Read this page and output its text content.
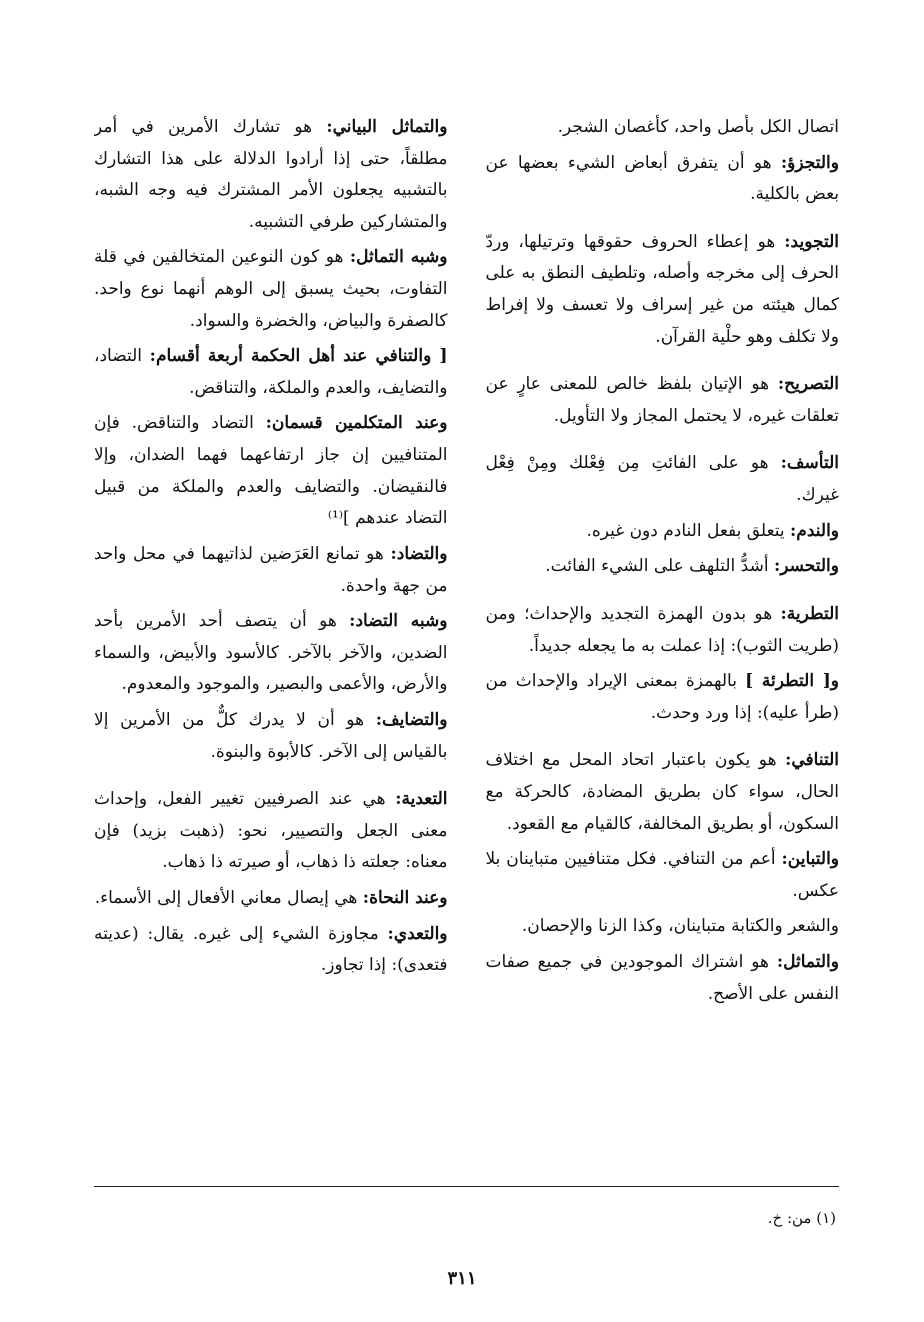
اتصال الكل بأصل واحد، كأغصان الشجر.

والتجزؤ: هو أن يتفرق أبعاض الشيء بعضها عن بعض بالكلية.

التجويد: هو إعطاء الحروف حقوقها وترتيلها، وردّ الحرف إلى مخرجه وأصله، وتلطيف النطق به على كمال هيئته من غير إسراف ولا تعسف ولا إفراط ولا تكلف وهو حلْية القرآن.

التصريح: هو الإتيان بلفظ خالص للمعنى عارٍ عن تعلقات غيره، لا يحتمل المجاز ولا التأويل.

التأسف: هو على الفائتِ مِن فِعْلك ومِنْ فِعْل غيرك.

والندم: يتعلق بفعل النادم دون غيره.

والتحسر: أشدُّ التلهف على الشيء الفائت.

التطرية: هو بدون الهمزة التجديد والإحداث؛ ومن (طريت الثوب): إذا عملت به ما يجعله جديداً.

و[ التطرئة ] بالهمزة بمعنى الإيراد والإحداث من (طرأ عليه): إذا ورد وحدث.

التنافي: هو يكون باعتبار اتحاد المحل مع اختلاف الحال، سواء كان بطريق المضادة، كالحركة مع السكون، أو بطريق المخالفة، كالقيام مع القعود.

والتباين: أعم من التنافي. فكل متنافيين متباينان بلا عكس.

والشعر والكتابة متباينان، وكذا الزنا والإحصان.

والتماثل: هو اشتراك الموجودين في جميع صفات النفس على الأصح.

والتماثل البياني: هو تشارك الأمرين في أمر مطلقاً، حتى إذا أرادوا الدلالة على هذا التشارك بالتشبيه يجعلون الأمر المشترك فيه وجه الشبه، والمتشاركين طرفي التشبيه.

وشبه التماثل: هو كون النوعين المتخالفين في قلة التفاوت، بحيث يسبق إلى الوهم أنهما نوع واحد. كالصفرة والبياض، والخضرة والسواد.

[ والتنافي عند أهل الحكمة أربعة أقسام: التضاد، والتضايف، والعدم والملكة، والتناقض.

وعند المتكلمين قسمان: التضاد والتناقض. فإن المتنافيين إن جاز ارتفاعهما فهما الضدان، وإلا فالنقيضان. والتضايف والعدم والملكة من قبيل التضاد عندهم ]⁽¹⁾

والتضاد: هو تمانع العَرَضين لذاتيهما في محل واحد من جهة واحدة.

وشبه التضاد: هو أن يتصف أحد الأمرين بأحد الضدين، والآخر بالآخر. كالأسود والأبيض، والسماء والأرض، والأعمى والبصير، والموجود والمعدوم.

والتضايف: هو أن لا يدرك كلٌّ من الأمرين إلا بالقياس إلى الآخر. كالأبوة والبنوة.

التعدية: هي عند الصرفيين تغيير الفعل، وإحداث معنى الجعل والتصيير، نحو: (ذهبت بزيد) فإن معناه: جعلته ذا ذهاب، أو صيرته ذا ذهاب.

وعند النحاة: هي إيصال معاني الأفعال إلى الأسماء.

والتعدي: مجاوزة الشيء إلى غيره. يقال: (عديته فتعدى): إذا تجاوز.

(١) من: خ.
٣١١
